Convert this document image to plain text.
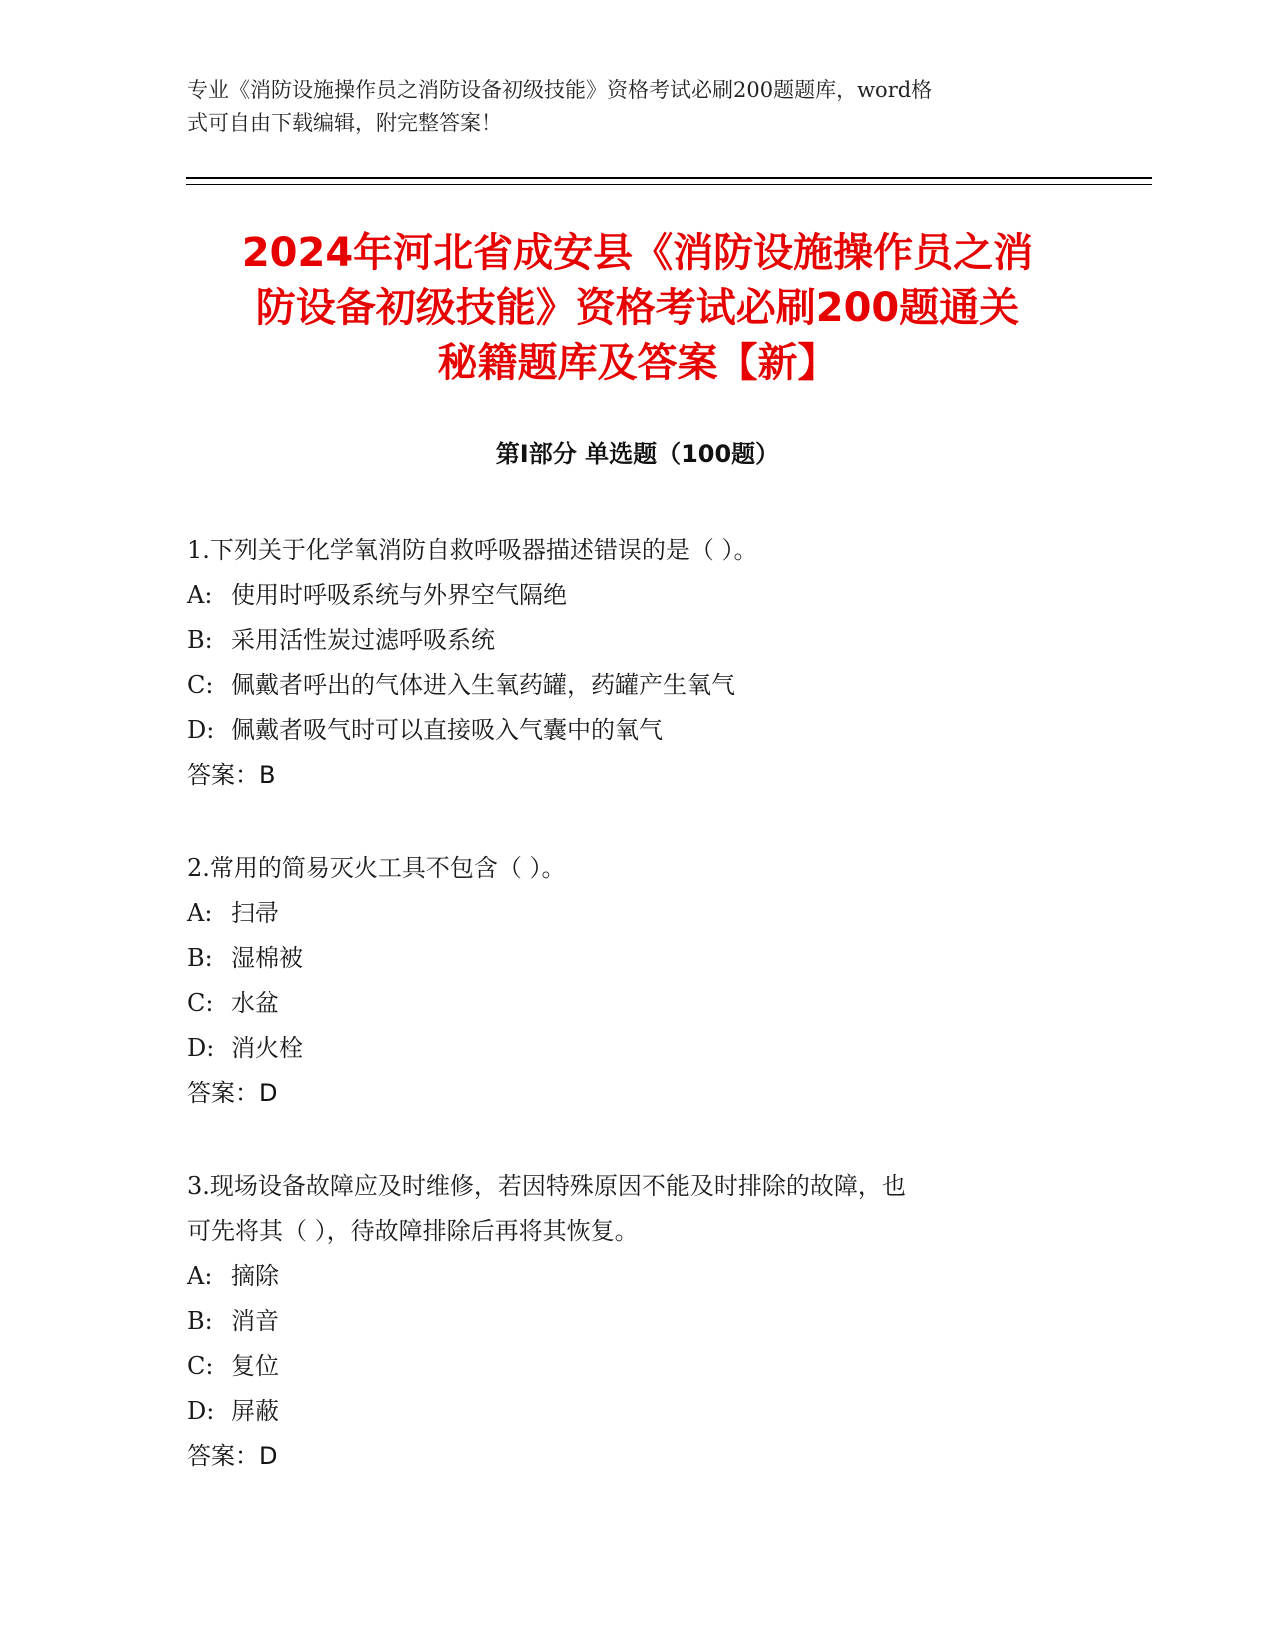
专业《消防设施操作员之消防设备初级技能》资格考试必刷200题题库，word格
式可自由下载编辑，附完整答案！
2024年河北省成安县《消防设施操作员之消
防设备初级技能》资格考试必刷200题通关
秘籍题库及答案【新】
第Ⅰ部分 单选题（100题）
1.下列关于化学氧消防自救呼吸器描述错误的是（ ）。
A: 使用时呼吸系统与外界空气隔绝
B: 采用活性炭过滤呼吸系统
C: 佩戴者呼出的气体进入生氧药罐，药罐产生氧气
D: 佩戴者吸气时可以直接吸入气囊中的氧气
答案：B
2.常用的简易灭火工具不包含（ ）。
A: 扫帚
B: 湿棉被
C: 水盆
D: 消火栓
答案：D
3.现场设备故障应及时维修，若因特殊原因不能及时排除的故障，也
可先将其（ ），待故障排除后再将其恢复。
A: 摘除
B: 消音
C: 复位
D: 屏蔽
答案：D
